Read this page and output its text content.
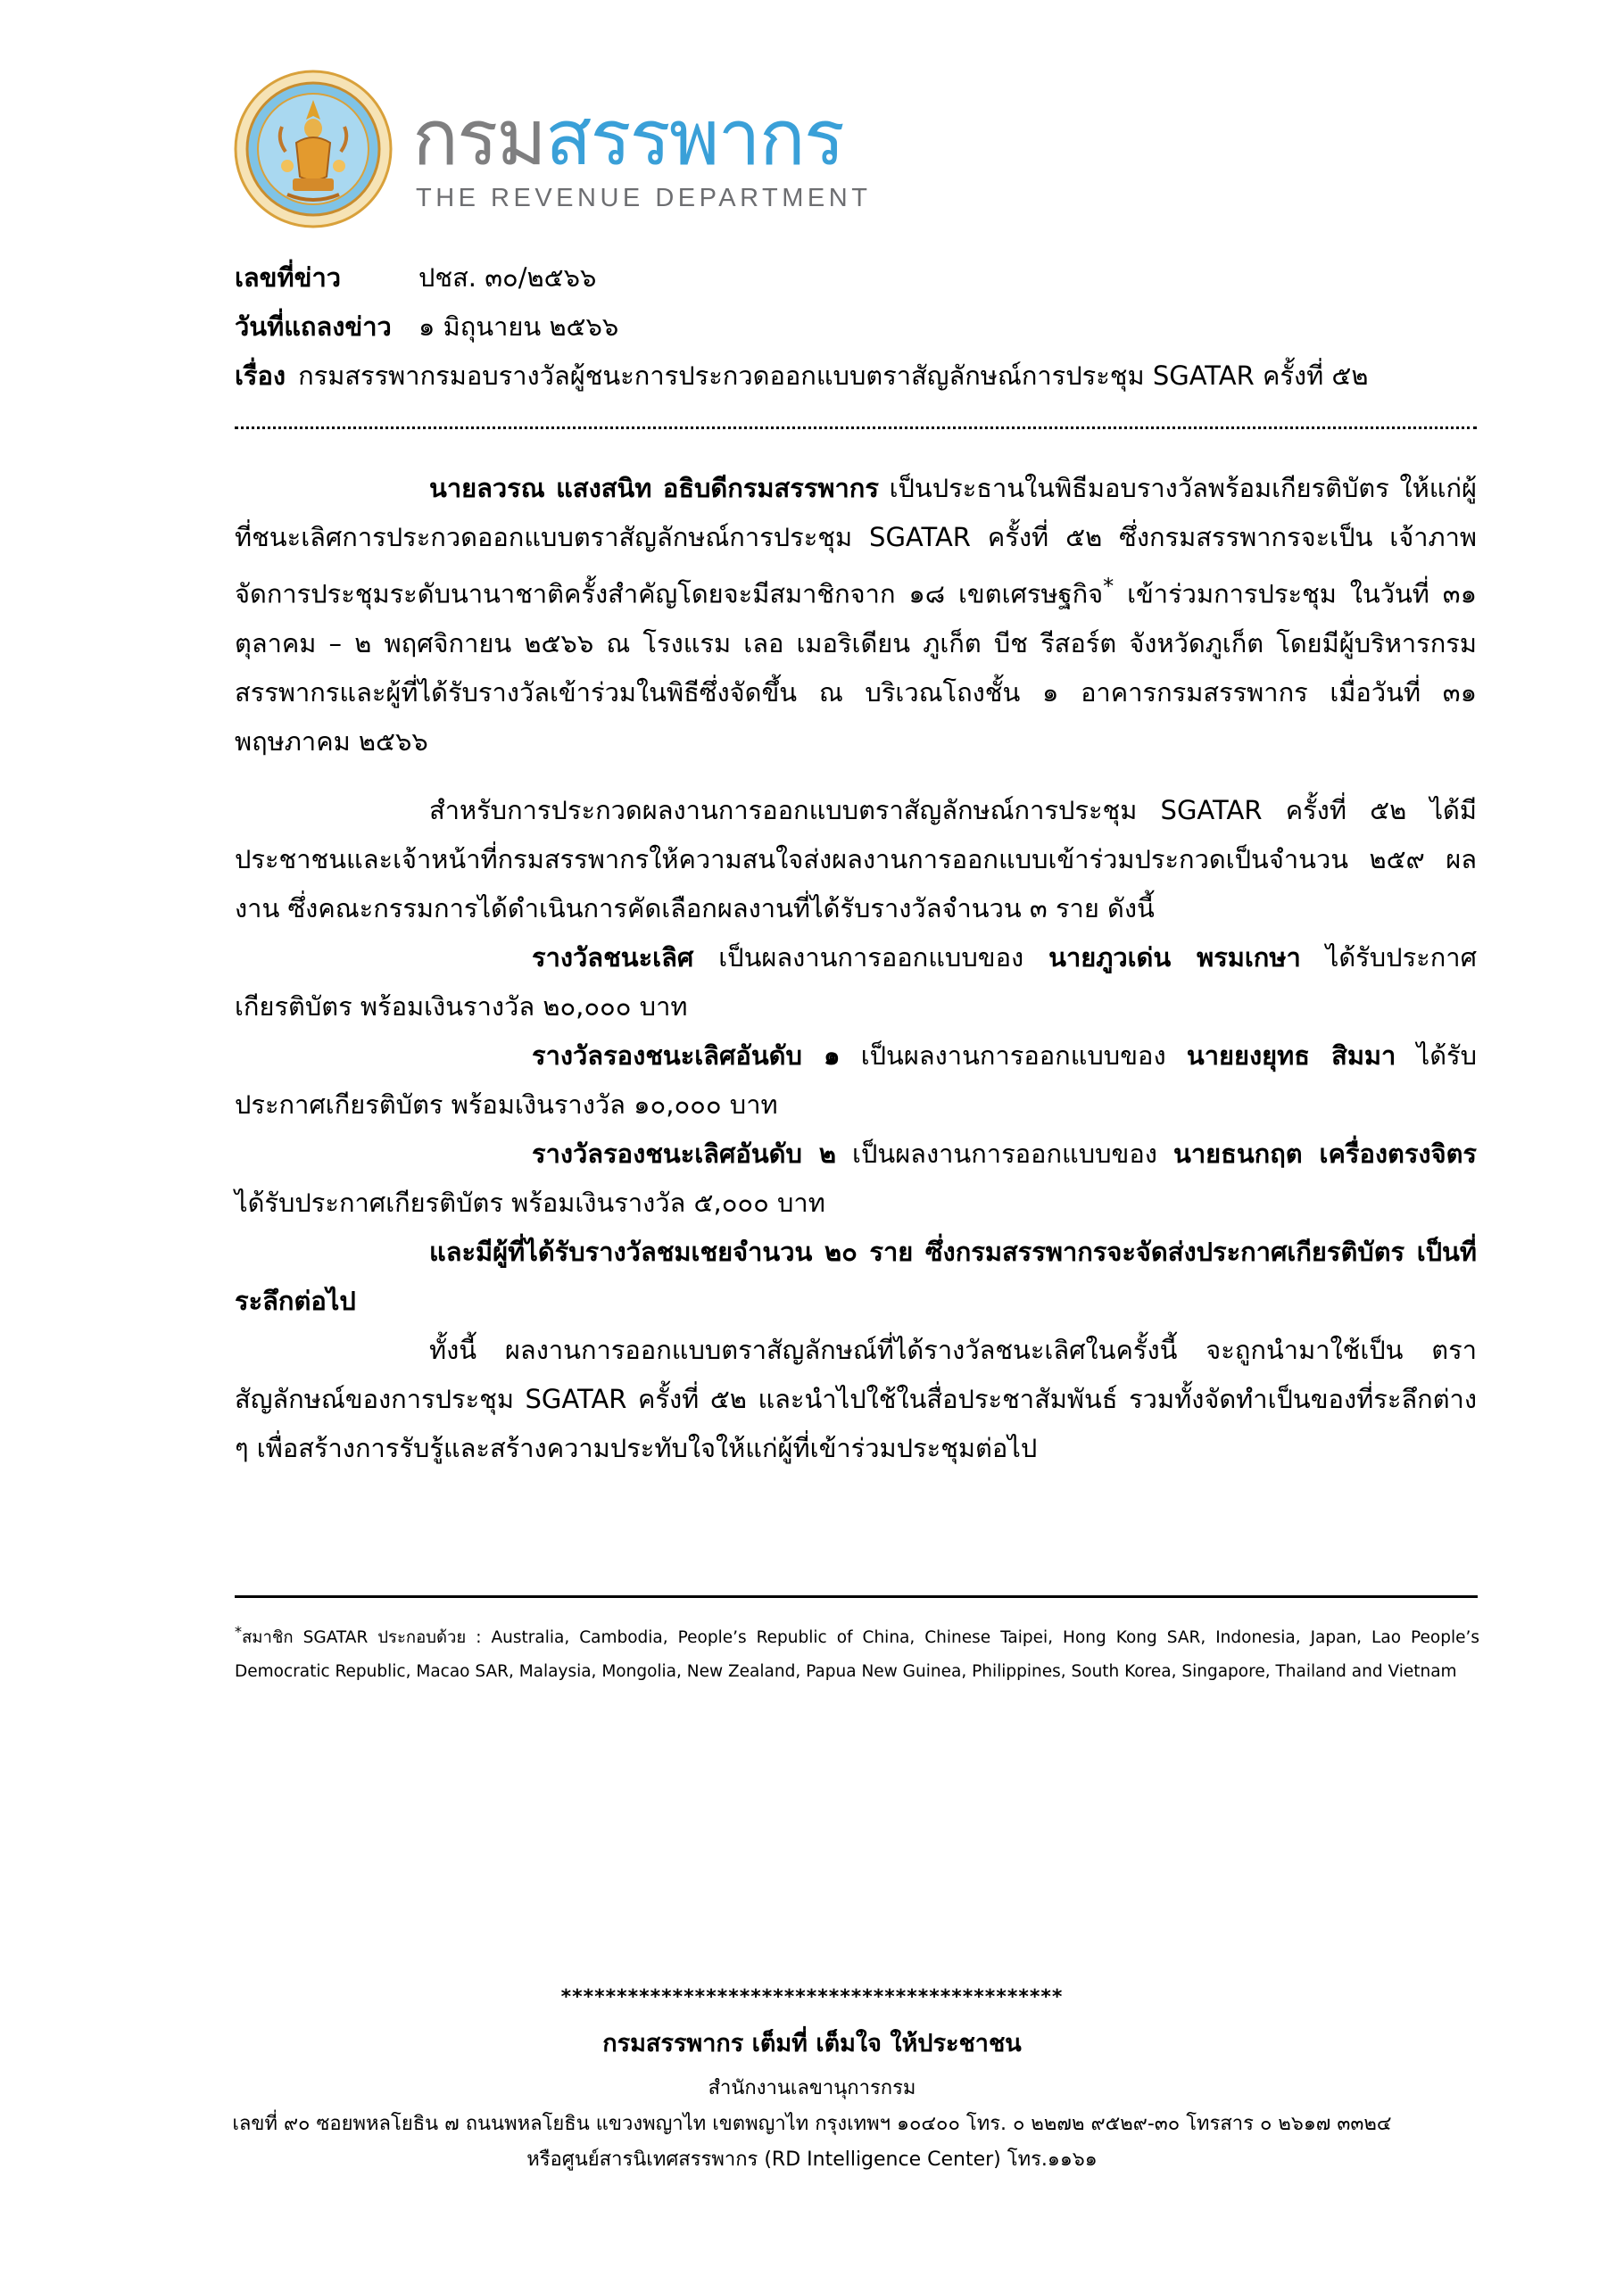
กรมสรรพากร
THE REVENUE DEPARTMENT
เลขที่ข่าว	ปชส. ๓๐/๒๕๖๖
วันที่แถลงข่าว ๑ มิถุนายน ๒๕๖๖
เรื่อง กรมสรรพากรมอบรางวัลผู้ชนะการประกวดออกแบบตราสัญลักษณ์การประชุม SGATAR ครั้งที่ ๕๒

นายลวรณ แสงสนิท อธิบดีกรมสรรพากร เป็นประธานในพิธีมอบรางวัลพร้อมเกียรติบัตร ให้แก่ผู้ที่ชนะเลิศการประกวดออกแบบตราสัญลักษณ์การประชุม SGATAR ครั้งที่ ๕๒ ซึ่งกรมสรรพากรจะเป็น เจ้าภาพจัดการประชุมระดับนานาชาติครั้งสำคัญโดยจะมีสมาชิกจาก ๑๘ เขตเศรษฐกิจ* เข้าร่วมการประชุม ในวันที่ ๓๑ ตุลาคม – ๒ พฤศจิกายน ๒๕๖๖ ณ โรงแรม เลอ เมอริเดียน ภูเก็ต บีช รีสอร์ต จังหวัดภูเก็ต โดยมีผู้บริหารกรมสรรพากรและผู้ที่ได้รับรางวัลเข้าร่วมในพิธีซึ่งจัดขึ้น ณ บริเวณโถงชั้น ๑ อาคารกรมสรรพากร เมื่อวันที่ ๓๑ พฤษภาคม ๒๕๖๖

สำหรับการประกวดผลงานการออกแบบตราสัญลักษณ์การประชุม SGATAR ครั้งที่ ๕๒ ได้มีประชาชนและเจ้าหน้าที่กรมสรรพากรให้ความสนใจส่งผลงานการออกแบบเข้าร่วมประกวดเป็นจำนวน ๒๕๙ ผลงาน ซึ่งคณะกรรมการได้ดำเนินการคัดเลือกผลงานที่ได้รับรางวัลจำนวน ๓ ราย ดังนี้

รางวัลชนะเลิศ เป็นผลงานการออกแบบของ นายภูวเด่น พรมเกษา ได้รับประกาศ เกียรติบัตร พร้อมเงินรางวัล ๒๐,๐๐๐ บาท

รางวัลรองชนะเลิศอันดับ ๑ เป็นผลงานการออกแบบของ นายยงยุทธ สิมมา ได้รับประกาศเกียรติบัตร พร้อมเงินรางวัล ๑๐,๐๐๐ บาท

รางวัลรองชนะเลิศอันดับ ๒ เป็นผลงานการออกแบบของ นายธนกฤต เครื่องตรงจิตร ได้รับประกาศเกียรติบัตร พร้อมเงินรางวัล ๕,๐๐๐ บาท

และมีผู้ที่ได้รับรางวัลชมเชยจำนวน ๒๐ ราย ซึ่งกรมสรรพากรจะจัดส่งประกาศเกียรติบัตร เป็นที่ระลึกต่อไป

ทั้งนี้ ผลงานการออกแบบตราสัญลักษณ์ที่ได้รางวัลชนะเลิศในครั้งนี้ จะถูกนำมาใช้เป็น ตราสัญลักษณ์ของการประชุม SGATAR ครั้งที่ ๕๒ และนำไปใช้ในสื่อประชาสัมพันธ์ รวมทั้งจัดทำเป็นของที่ระลึกต่าง ๆ เพื่อสร้างการรับรู้และสร้างความประทับใจให้แก่ผู้ที่เข้าร่วมประชุมต่อไป

*สมาชิก SGATAR ประกอบด้วย : Australia, Cambodia, People’s Republic of China, Chinese Taipei, Hong Kong SAR, Indonesia, Japan, Lao People’s Democratic Republic, Macao SAR, Malaysia, Mongolia, New Zealand, Papua New Guinea, Philippines, South Korea, Singapore, Thailand and Vietnam
*********************************************
กรมสรรพากร เต็มที่ เต็มใจ ให้ประชาชน
สำนักงานเลขานุการกรม
เลขที่ ๙๐ ซอยพหลโยธิน ๗ ถนนพหลโยธิน แขวงพญาไท เขตพญาไท กรุงเทพฯ ๑๐๔๐๐ โทร. ๐ ๒๒๗๒ ๙๕๒๙-๓๐ โทรสาร ๐ ๒๖๑๗ ๓๓๒๔
หรือศูนย์สารนิเทศสรรพากร (RD Intelligence Center) โทร.๑๑๖๑
